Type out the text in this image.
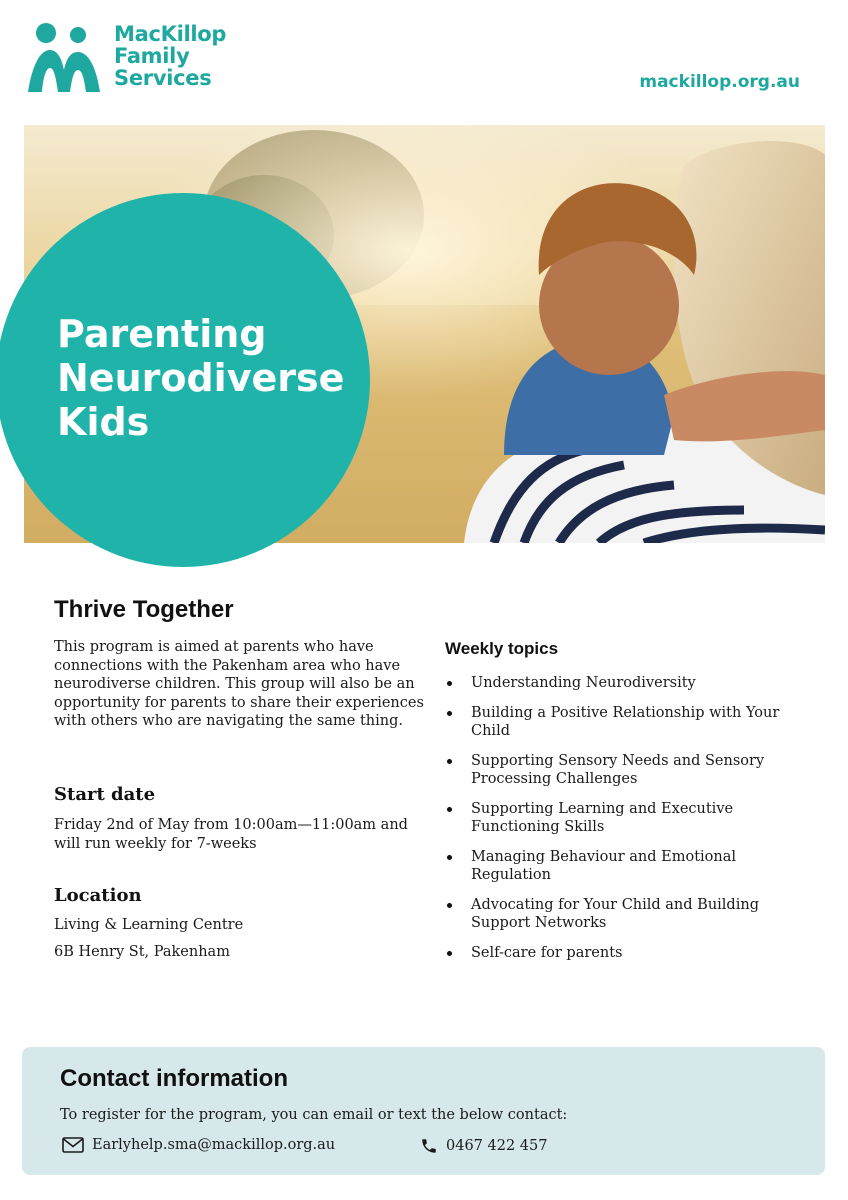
MacKillop
Family
Services	mackillop.org.au
Parenting Neurodiverse Kids
Thrive Together
This program is aimed at parents who have connections with the Pakenham area who have neurodiverse children. This group will also be an opportunity for parents to share their experiences with others who are navigating the same thing.
Start date
Friday 2nd of May from 10:00am—11:00am and will run weekly for 7-weeks
Location
Living & Learning Centre
6B Henry St, Pakenham
Weekly topics
Understanding Neurodiversity
Building a Positive Relationship with Your Child
Supporting Sensory Needs and Sensory Processing Challenges
Supporting Learning and Executive Functioning Skills
Managing Behaviour and Emotional Regulation
Advocating for Your Child and Building Support Networks
Self-care for parents
Contact information
To register for the program, you can email or text the below contact:
Earlyhelp.sma@mackillop.org.au	0467 422 457
